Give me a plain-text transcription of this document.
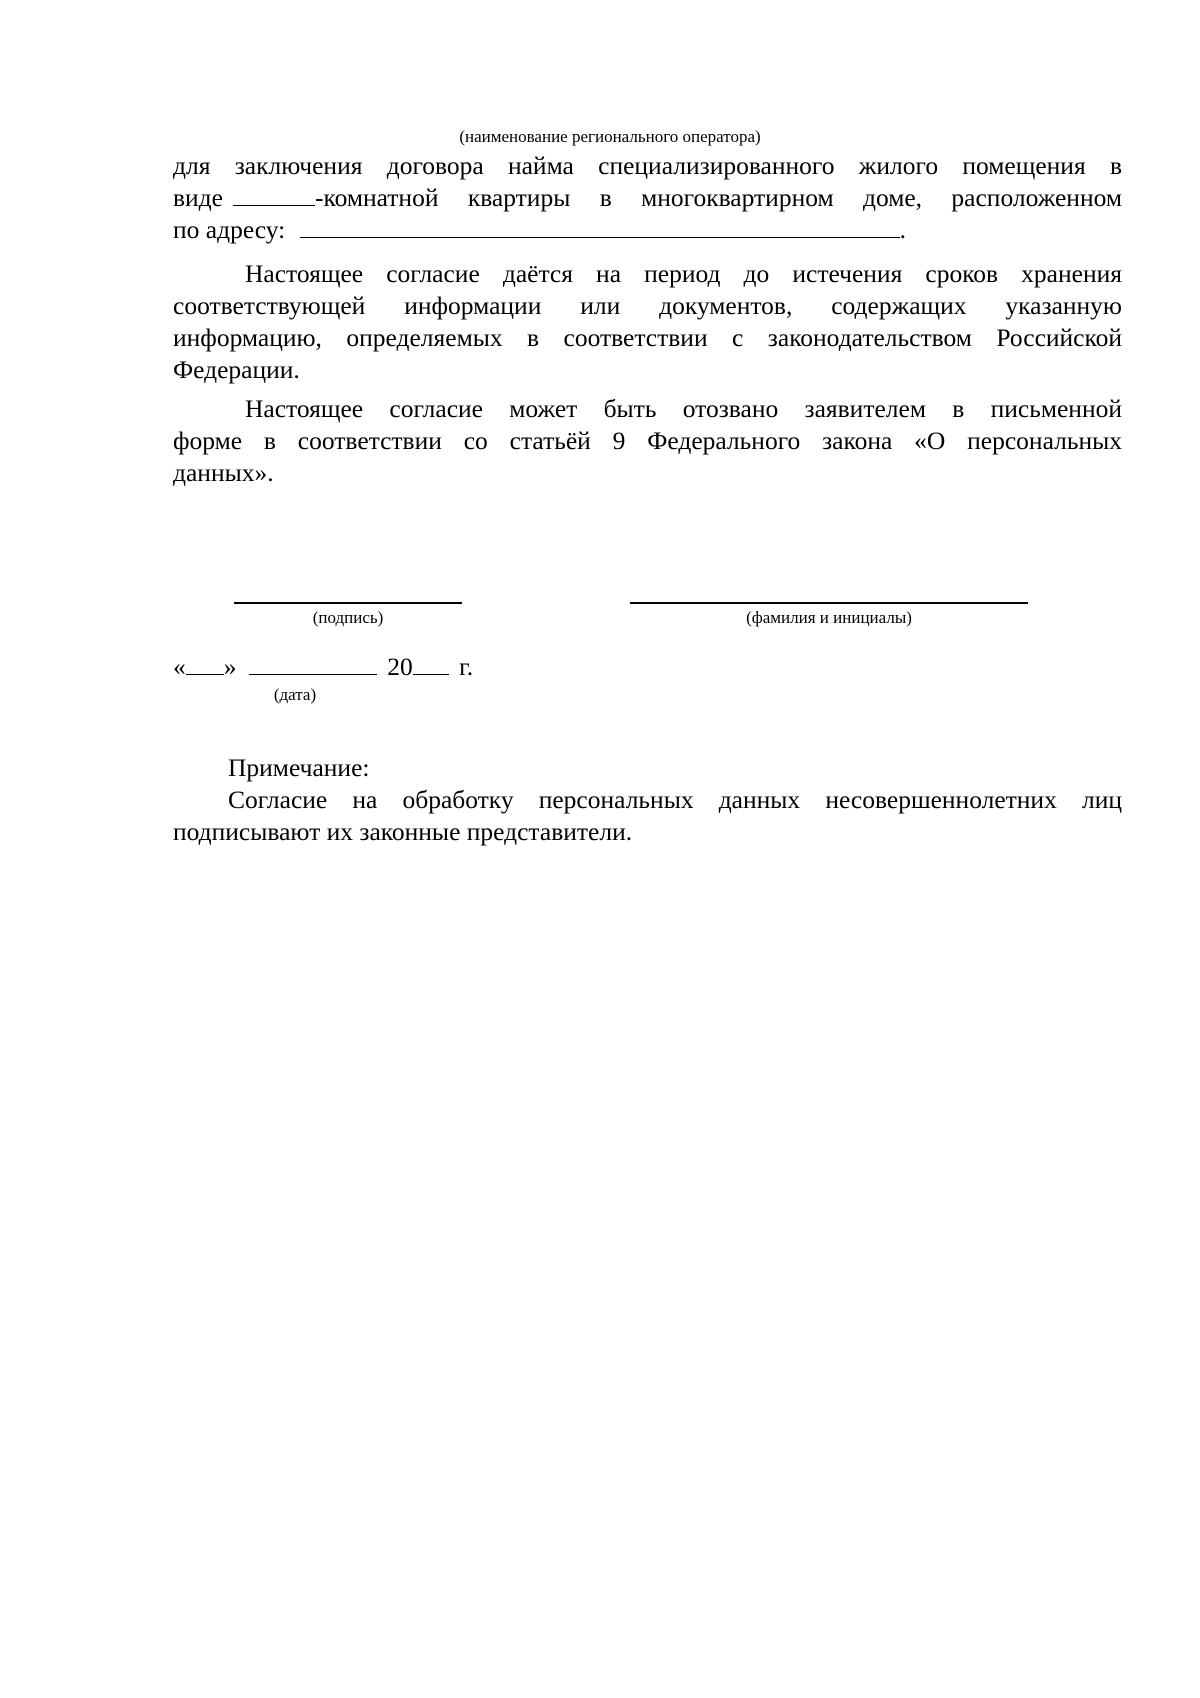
(наименование регионального оператора)
для заключения договора найма специализированного жилого помещения в
виде	-комнатной квартиры в многоквартирном доме, расположенном
по адресу:	.
Настоящее согласие даётся на период до истечения сроков хранения
соответствующей информации или документов, содержащих указанную
информацию, определяемых в соответствии с законодательством Российской
Федерации.
Настоящее согласие может быть отозвано заявителем в письменной
форме в соответствии со статьёй 9 Федерального закона «О персональных
данных».
(подпись)	(фамилия и инициалы)
« »	20 г.
(дата)
Примечание:
Согласие на обработку персональных данных несовершеннолетних лиц
подписывают их законные представители.
